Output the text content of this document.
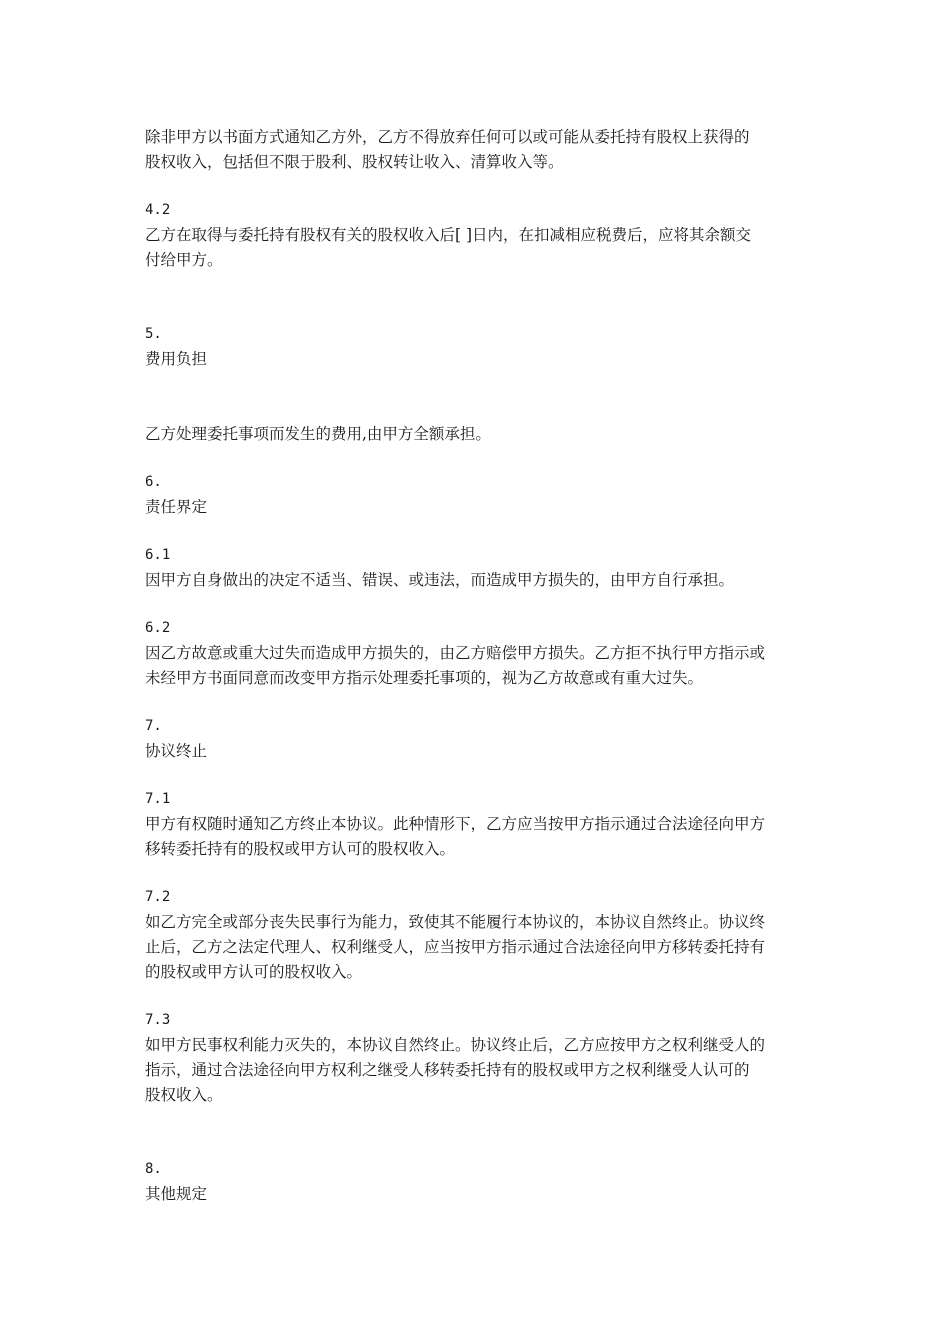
除非甲方以书面方式通知乙方外，乙方不得放弃任何可以或可能从委托持有股权上获得的

股权收入，包括但不限于股利、股权转让收入、清算收入等。

4.2

乙方在取得与委托持有股权有关的股权收入后[ ]日内，在扣减相应税费后，应将其余额交

付给甲方。

5.

费用负担

乙方处理委托事项而发生的费用,由甲方全额承担。

6.

责任界定

6.1

因甲方自身做出的决定不适当、错误、或违法，而造成甲方损失的，由甲方自行承担。

6.2

因乙方故意或重大过失而造成甲方损失的，由乙方赔偿甲方损失。乙方拒不执行甲方指示或

未经甲方书面同意而改变甲方指示处理委托事项的，视为乙方故意或有重大过失。

7.

协议终止

7.1

甲方有权随时通知乙方终止本协议。此种情形下，乙方应当按甲方指示通过合法途径向甲方

移转委托持有的股权或甲方认可的股权收入。

7.2

如乙方完全或部分丧失民事行为能力，致使其不能履行本协议的，本协议自然终止。协议终

止后，乙方之法定代理人、权利继受人，应当按甲方指示通过合法途径向甲方移转委托持有

的股权或甲方认可的股权收入。

7.3

如甲方民事权利能力灭失的，本协议自然终止。协议终止后，乙方应按甲方之权利继受人的

指示，通过合法途径向甲方权利之继受人移转委托持有的股权或甲方之权利继受人认可的

股权收入。

8.

其他规定
